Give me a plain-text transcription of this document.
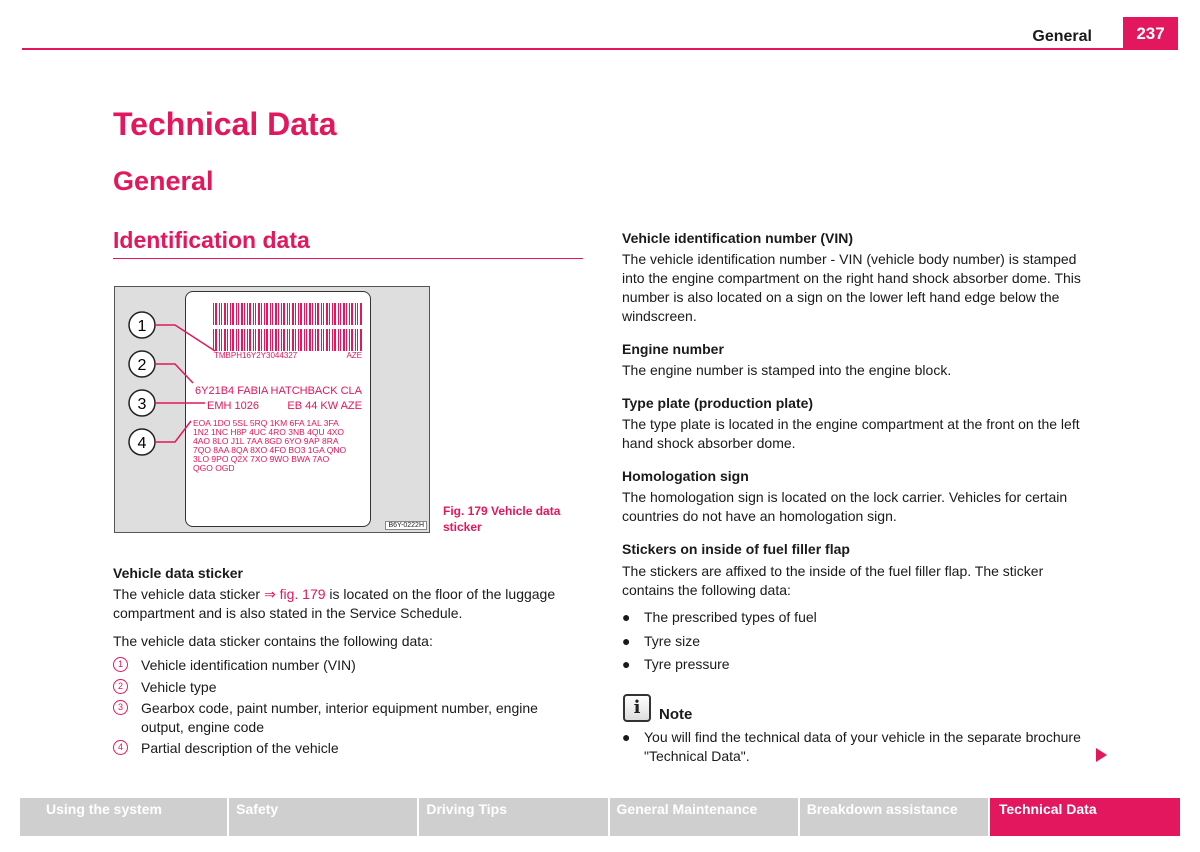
General	237
Technical Data
General
Identification data
1
2
3
4
TMBPH16Y2Y3044327	AZE
6Y21B4 FABIA HATCHBACK CLA
EMH 1026	EB 44 KW AZE
EOA 1DO 5SL 5RQ 1KM 6FA 1AL 3FA
1N2 1NC H8P 4UC 4RO 3NB 4QU 4XO
4AO 8LO J1L 7AA 8GD 6YO 9AP 8RA
7QO 8AA 8QA 8XO 4FO BO3 1GA QNO
3LO 9PO Q2X 7XO 9WO BWA 7AO
QGO OGD
B6Y-0222H
Fig. 179 Vehicle data sticker
Vehicle data sticker
The vehicle data sticker ⇒ fig. 179 is located on the floor of the luggage compartment and is also stated in the Service Schedule.
The vehicle data sticker contains the following data:
1	Vehicle identification number (VIN)
2	Vehicle type
3	Gearbox code, paint number, interior equipment number, engine output, engine code
4	Partial description of the vehicle
Vehicle identification number (VIN)
The vehicle identification number - VIN (vehicle body number) is stamped into the engine compartment on the right hand shock absorber dome. This number is also located on a sign on the lower left hand edge below the windscreen.
Engine number
The engine number is stamped into the engine block.
Type plate (production plate)
The type plate is located in the engine compartment at the front on the left hand shock absorber dome.
Homologation sign
The homologation sign is located on the lock carrier. Vehicles for certain countries do not have an homologation sign.
Stickers on inside of fuel filler flap
The stickers are affixed to the inside of the fuel filler flap. The sticker contains the following data:
● The prescribed types of fuel
● Tyre size
● Tyre pressure
i	Note
● You will find the technical data of your vehicle in the separate brochure "Technical Data".
Using the system	Safety	Driving Tips	General Maintenance	Breakdown assistance	Technical Data
